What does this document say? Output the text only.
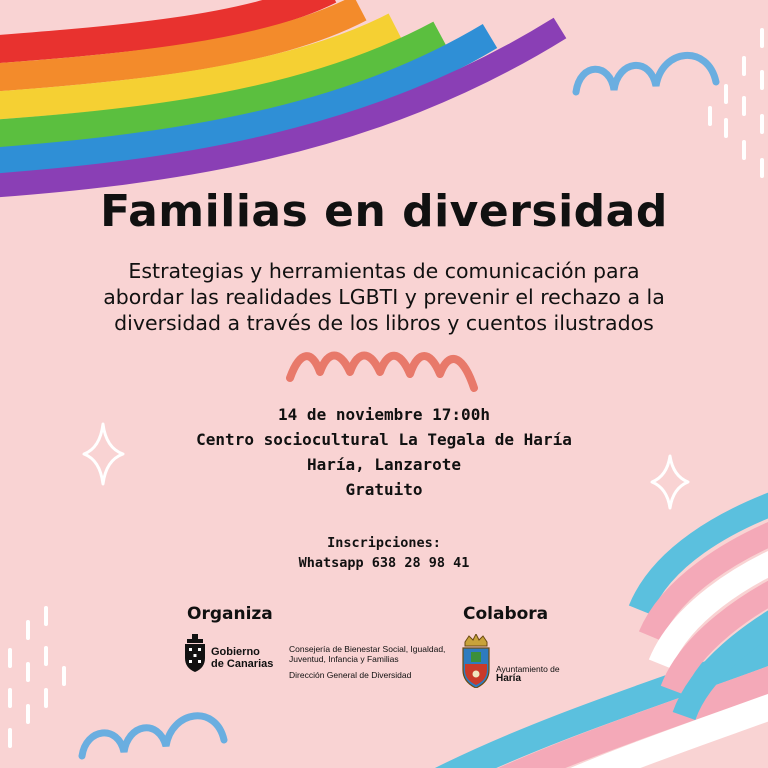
Familias en diversidad
Estrategias y herramientas de comunicación para
abordar las realidades LGBTI y prevenir el rechazo a la
diversidad a través de los libros y cuentos ilustrados
14 de noviembre 17:00h
Centro sociocultural La Tegala de Haría
Haría, Lanzarote
Gratuito
Inscripciones:
Whatsapp 638 28 98 41
Organiza
Gobierno
de Canarias
Consejería de Bienestar Social, Igualdad,
Juventud, Infancia y Familias
Dirección General de Diversidad
Colabora
Ayuntamiento de
Haría
